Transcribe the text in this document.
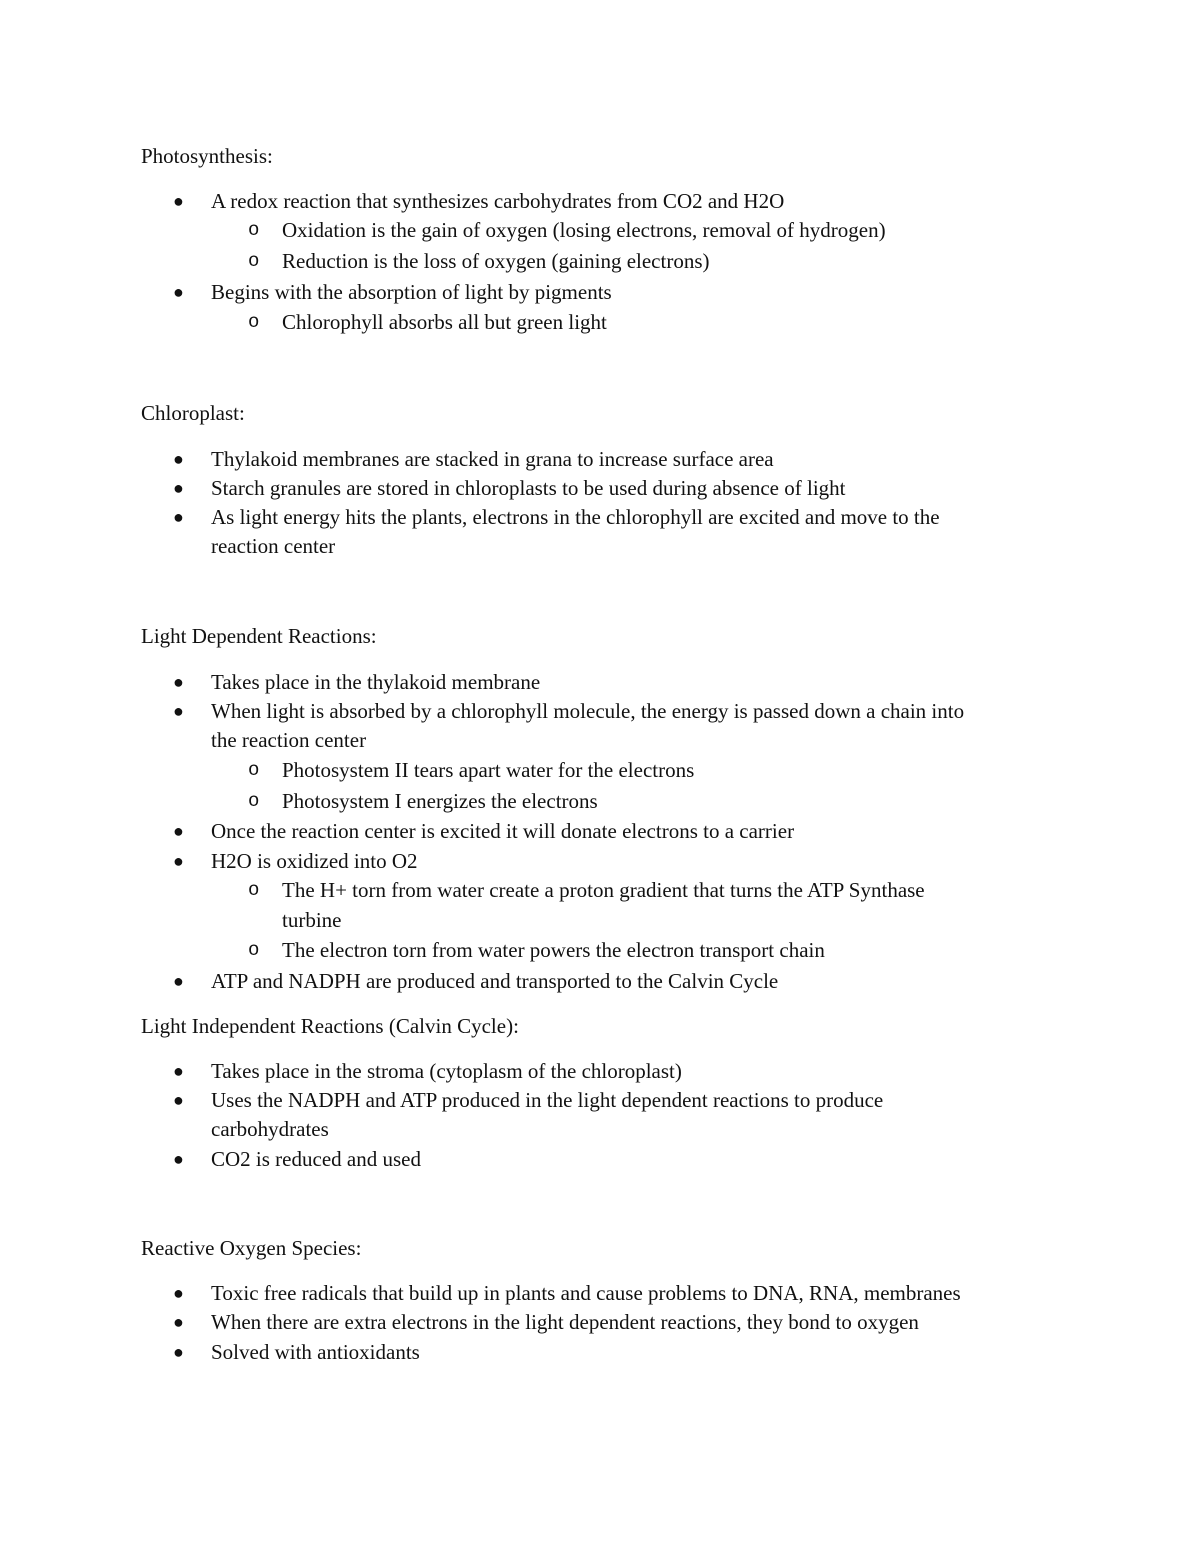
Photosynthesis:
● A redox reaction that synthesizes carbohydrates from CO2 and H2O
o Oxidation is the gain of oxygen (losing electrons, removal of hydrogen)
o Reduction is the loss of oxygen (gaining electrons)
● Begins with the absorption of light by pigments
o Chlorophyll absorbs all but green light
Chloroplast:
● Thylakoid membranes are stacked in grana to increase surface area
● Starch granules are stored in chloroplasts to be used during absence of light
● As light energy hits the plants, electrons in the chlorophyll are excited and move to the
reaction center
Light Dependent Reactions:
● Takes place in the thylakoid membrane
● When light is absorbed by a chlorophyll molecule, the energy is passed down a chain into
the reaction center
o Photosystem II tears apart water for the electrons
o Photosystem I energizes the electrons
● Once the reaction center is excited it will donate electrons to a carrier
● H2O is oxidized into O2
o The H+ torn from water create a proton gradient that turns the ATP Synthase
turbine
o The electron torn from water powers the electron transport chain
● ATP and NADPH are produced and transported to the Calvin Cycle
Light Independent Reactions (Calvin Cycle):
● Takes place in the stroma (cytoplasm of the chloroplast)
● Uses the NADPH and ATP produced in the light dependent reactions to produce
carbohydrates
● CO2 is reduced and used
Reactive Oxygen Species:
● Toxic free radicals that build up in plants and cause problems to DNA, RNA, membranes
● When there are extra electrons in the light dependent reactions, they bond to oxygen
● Solved with antioxidants
